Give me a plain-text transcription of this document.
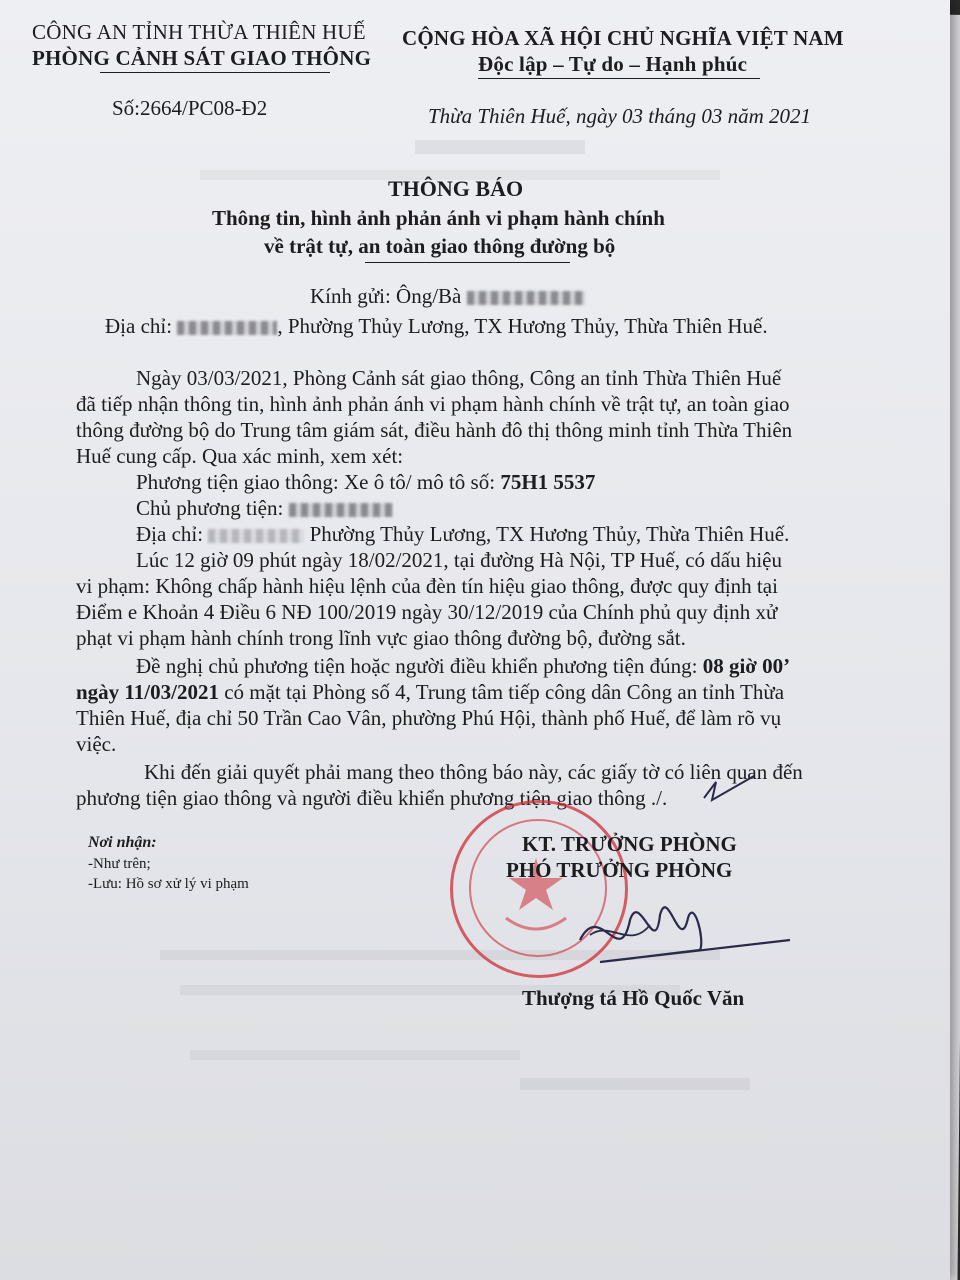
CÔNG AN TỈNH THỪA THIÊN HUẾ
PHÒNG CẢNH SÁT GIAO THÔNG
CỘNG HÒA XÃ HỘI CHỦ NGHĨA VIỆT NAM
Độc lập – Tự do – Hạnh phúc
Số:2664/PC08-Đ2	Thừa Thiên Huế, ngày 03 tháng 03 năm 2021
THÔNG BÁO
Thông tin, hình ảnh phản ánh vi phạm hành chính
về trật tự, an toàn giao thông đường bộ
Kính gửi: Ông/Bà
Địa chỉ:	, Phường Thủy Lương, TX Hương Thủy, Thừa Thiên Huế.
Ngày 03/03/2021, Phòng Cảnh sát giao thông, Công an tỉnh Thừa Thiên Huế
đã tiếp nhận thông tin, hình ảnh phản ánh vi phạm hành chính về trật tự, an toàn giao
thông đường bộ do Trung tâm giám sát, điều hành đô thị thông minh tỉnh Thừa Thiên
Huế cung cấp. Qua xác minh, xem xét:
Phương tiện giao thông: Xe ô tô/ mô tô số: 75H1 5537
Chủ phương tiện:
Địa chỉ:	Phường Thủy Lương, TX Hương Thủy, Thừa Thiên Huế.
Lúc 12 giờ 09 phút ngày 18/02/2021, tại đường Hà Nội, TP Huế, có dấu hiệu
vi phạm: Không chấp hành hiệu lệnh của đèn tín hiệu giao thông, được quy định tại
Điểm e Khoản 4 Điều 6 NĐ 100/2019 ngày 30/12/2019 của Chính phủ quy định xử
phạt vi phạm hành chính trong lĩnh vực giao thông đường bộ, đường sắt.
Đề nghị chủ phương tiện hoặc người điều khiển phương tiện đúng: 08 giờ 00’
ngày 11/03/2021 có mặt tại Phòng số 4, Trung tâm tiếp công dân Công an tỉnh Thừa
Thiên Huế, địa chỉ 50 Trần Cao Vân, phường Phú Hội, thành phố Huế, để làm rõ vụ
việc.
Khi đến giải quyết phải mang theo thông báo này, các giấy tờ có liên quan đến
phương tiện giao thông và người điều khiển phương tiện giao thông ./.
Nơi nhận:
-Như trên;
-Lưu: Hồ sơ xử lý vi phạm
KT. TRƯỞNG PHÒNG
PHÓ TRƯỞNG PHÒNG
Thượng tá Hồ Quốc Văn
